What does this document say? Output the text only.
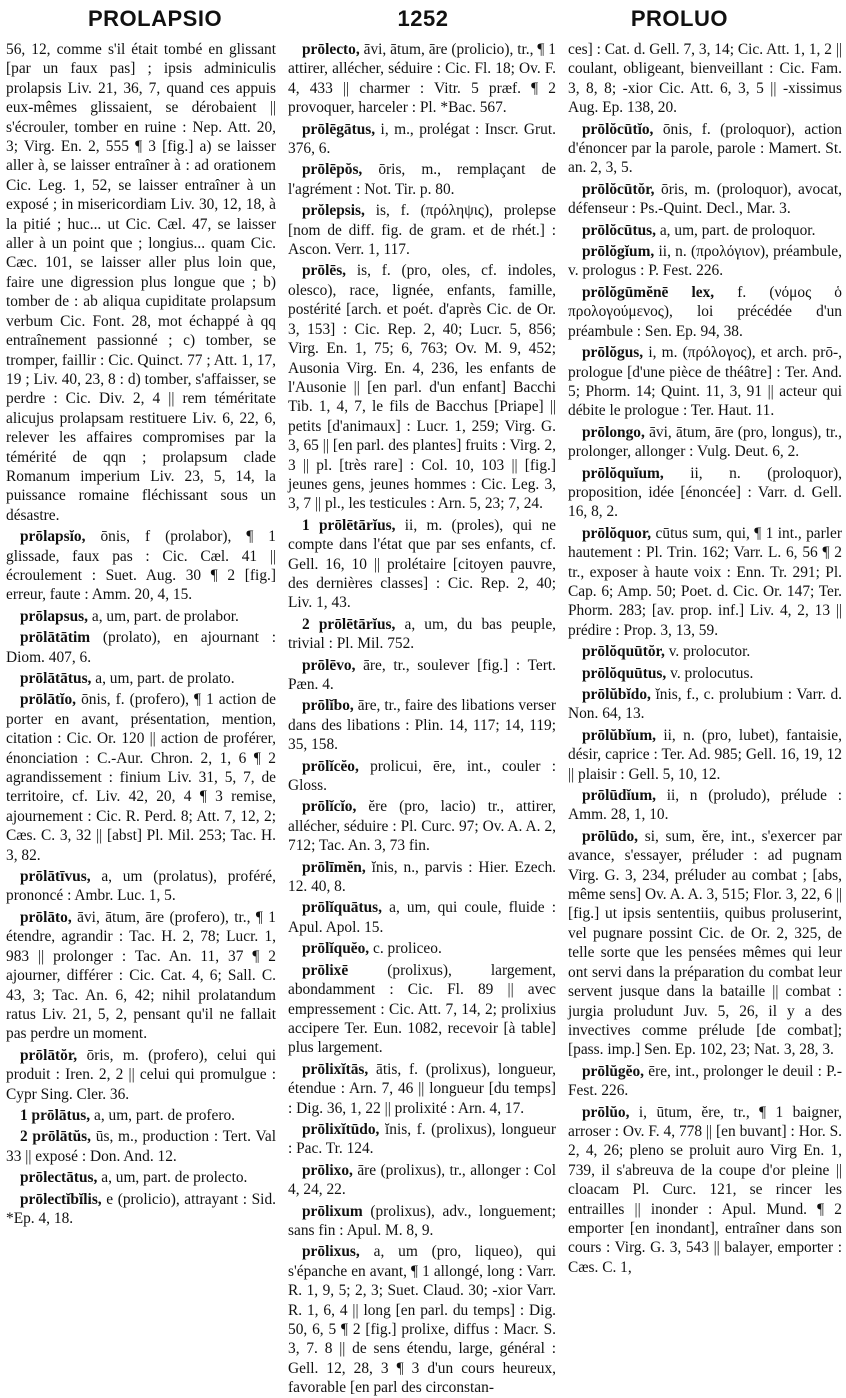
PROLAPSIO	1252	PROLUO

56, 12, comme s'il était tombé en glissant [par un faux pas] ; ipsis adminiculis prolapsis Liv. 21, 36, 7, quand ces appuis eux-mêmes glissaient, se dérobaient || s'écrouler, tomber en ruine : Nep. Att. 20, 3; Virg. En. 2, 555 ¶ 3 [fig.] a) se laisser aller à, se laisser entraîner à : ad orationem Cic. Leg. 1, 52, se laisser entraîner à un exposé ; in misericordiam Liv. 30, 12, 18, à la pitié ; huc... ut Cic. Cæl. 47, se laisser aller à un point que ; longius... quam Cic. Cæc. 101, se laisser aller plus loin que, faire une digression plus longue que ; b) tomber de : ab aliqua cupiditate prolapsum verbum Cic. Font. 28, mot échappé à qq entraînement passionné ; c) tomber, se tromper, faillir : Cic. Quinct. 77 ; Att. 1, 17, 19 ; Liv. 40, 23, 8 : d) tomber, s'affaisser, se perdre : Cic. Div. 2, 4 || rem téméritate alicujus prolapsam restituere Liv. 6, 22, 6, relever les affaires compromises par la témérité de qqn ; prolapsum clade Romanum imperium Liv. 23, 5, 14, la puissance romaine fléchissant sous un désastre.

prōlapsĭo, ōnis, f (prolabor), ¶ 1 glissade, faux pas : Cic. Cæl. 41 || écroulement : Suet. Aug. 30 ¶ 2 [fig.] erreur, faute : Amm. 20, 4, 15.

prōlapsus, a, um, part. de prolabor.

prōlātātim (prolato), en ajournant : Diom. 407, 6.

prōlātātus, a, um, part. de prolato.

prōlātĭo, ōnis, f. (profero), ¶ 1 action de porter en avant, présentation, mention, citation : Cic. Or. 120 || action de proférer, énonciation : C.-Aur. Chron. 2, 1, 6 ¶ 2 agrandissement : finium Liv. 31, 5, 7, de territoire, cf. Liv. 42, 20, 4 ¶ 3 remise, ajournement : Cic. R. Perd. 8; Att. 7, 12, 2; Cæs. C. 3, 32 || [abst] Pl. Mil. 253; Tac. H. 3, 82.

prōlātīvus, a, um (prolatus), proféré, prononcé : Ambr. Luc. 1, 5.

prōlāto, āvi, ātum, āre (profero), tr., ¶ 1 étendre, agrandir : Tac. H. 2, 78; Lucr. 1, 983 || prolonger : Tac. An. 11, 37 ¶ 2 ajourner, différer : Cic. Cat. 4, 6; Sall. C. 43, 3; Tac. An. 6, 42; nihil prolatandum ratus Liv. 21, 5, 2, pensant qu'il ne fallait pas perdre un moment.

prōlātŏr, ōris, m. (profero), celui qui produit : Iren. 2, 2 || celui qui promulgue : Cypr Sing. Cler. 36.

1 prōlātus, a, um, part. de profero.

2 prōlātŭs, ūs, m., production : Tert. Val 33 || exposé : Don. And. 12.

prōlectātus, a, um, part. de prolecto.

prōlectĭbĭlis, e (prolicio), attrayant : Sid. *Ep. 4, 18.

prōlecto, āvi, ātum, āre (prolicio), tr., ¶ 1 attirer, allécher, séduire : Cic. Fl. 18; Ov. F. 4, 433 || charmer : Vitr. 5 præf. ¶ 2 provoquer, harceler : Pl. *Bac. 567.

prōlēgātus, i, m., prolégat : Inscr. Grut. 376, 6.

prōlēpŏs, ōris, m., remplaçant de l'agrément : Not. Tir. p. 80.

prŏlepsis, is, f. (πρόληψις), prolepse [nom de diff. fig. de gram. et de rhét.] : Ascon. Verr. 1, 117.

prōlēs, is, f. (pro, oles, cf. indoles, olesco), race, lignée, enfants, famille, postérité [arch. et poét. d'après Cic. de Or. 3, 153] : Cic. Rep. 2, 40; Lucr. 5, 856; Virg. En. 1, 75; 6, 763; Ov. M. 9, 452; Ausonia Virg. En. 4, 236, les enfants de l'Ausonie || [en parl. d'un enfant] Bacchi Tib. 1, 4, 7, le fils de Bacchus [Priape] || petits [d'animaux] : Lucr. 1, 259; Virg. G. 3, 65 || [en parl. des plantes] fruits : Virg. 2, 3 || pl. [très rare] : Col. 10, 103 || [fig.] jeunes gens, jeunes hommes : Cic. Leg. 3, 3, 7 || pl., les testicules : Arn. 5, 23; 7, 24.

1 prōlētārĭus, ii, m. (proles), qui ne compte dans l'état que par ses enfants, cf. Gell. 16, 10 || prolétaire [citoyen pauvre, des dernières classes] : Cic. Rep. 2, 40; Liv. 1, 43.

2 prōlētārĭus, a, um, du bas peuple, trivial : Pl. Mil. 752.

prōlēvo, āre, tr., soulever [fig.] : Tert. Pæn. 4.

prōlĭbo, āre, tr., faire des libations verser dans des libations : Plin. 14, 117; 14, 119; 35, 158.

prōlĭcĕo, prolicui, ēre, int., couler : Gloss.

prōlĭcĭo, ĕre (pro, lacio) tr., attirer, allécher, séduire : Pl. Curc. 97; Ov. A. A. 2, 712; Tac. An. 3, 73 fin.

prōlīmĕn, ĭnis, n., parvis : Hier. Ezech. 12. 40, 8.

prōlĭquātus, a, um, qui coule, fluide : Apul. Apol. 15.

prōlĭquĕo, c. proliceo.

prōlixē	(prolixus), largement, abondamment : Cic. Fl. 89 || avec empressement : Cic. Att. 7, 14, 2; prolixius accipere Ter. Eun. 1082, recevoir [à table] plus largement.

prōlixĭtās, ātis, f. (prolixus), longueur, étendue : Arn. 7, 46 || longueur [du temps] : Dig. 36, 1, 22 || prolixité : Arn. 4, 17.

prōlixĭtūdo, ĭnis, f. (prolixus), longueur : Pac. Tr. 124.

prōlixo, āre (prolixus), tr., allonger : Col 4, 24, 22.

prōlixum (prolixus), adv., longuement; sans fin : Apul. M. 8, 9.

prōlixus, a, um (pro, liqueo), qui s'épanche en avant, ¶ 1 allongé, long : Varr. R. 1, 9, 5; 2, 3; Suet. Claud. 30; -xior Varr. R. 1, 6, 4 || long [en parl. du temps] : Dig. 50, 6, 5 ¶ 2 [fig.] prolixe, diffus : Macr. S. 3, 7. 8 || de sens étendu, large, général : Gell. 12, 28, 3 ¶ 3 d'un cours heureux, favorable [en parl des circonstan-

ces] : Cat. d. Gell. 7, 3, 14; Cic. Att. 1, 1, 2 || coulant, obligeant, bienveillant : Cic. Fam. 3, 8, 8; -xior Cic. Att. 6, 3, 5 || -xissimus Aug. Ep. 138, 20.

prōlŏcūtĭo, ōnis, f. (proloquor), action d'énoncer par la parole, parole : Mamert. St. an. 2, 3, 5.

prōlŏcūtŏr, ōris, m. (proloquor), avocat, défenseur : Ps.-Quint. Decl., Mar. 3.

prōlŏcūtus, a, um, part. de proloquor.

prōlŏgĭum, ii, n. (προλόγιον), préambule, v. prologus : P. Fest. 226.

prōlŏgūmĕnē lex, f. (νόμος ὁ προλογούμενος), loi précédée d'un préambule : Sen. Ep. 94, 38.

prōlŏgus, i, m. (πρόλογος), et arch. prō-, prologue [d'une pièce de théâtre] : Ter. And. 5; Phorm. 14; Quint. 11, 3, 91 || acteur qui débite le prologue : Ter. Haut. 11.

prōlongo, āvi, ātum, āre (pro, longus), tr., prolonger, allonger : Vulg. Deut. 6, 2.

prōlŏquĭum, ii, n. (proloquor), proposition, idée [énoncée] : Varr. d. Gell. 16, 8, 2.

prōlŏquor, cūtus sum, qui, ¶ 1 int., parler hautement : Pl. Trin. 162; Varr. L. 6, 56 ¶ 2 tr., exposer à haute voix : Enn. Tr. 291; Pl. Cap. 6; Amp. 50; Poet. d. Cic. Or. 147; Ter. Phorm. 283; [av. prop. inf.] Liv. 4, 2, 13 || prédire : Prop. 3, 13, 59.

prōlŏquūtŏr, v. prolocutor.

prōlŏquūtus, v. prolocutus.

prōlŭbĭdo, ĭnis, f., c. prolubium : Varr. d. Non. 64, 13.

prōlŭbĭum, ii, n. (pro, lubet), fantaisie, désir, caprice : Ter. Ad. 985; Gell. 16, 19, 12 || plaisir : Gell. 5, 10, 12.

prōlūdĭum, ii, n (proludo), prélude : Amm. 28, 1, 10.

prōlūdo, si, sum, ĕre, int., s'exercer par avance, s'essayer, préluder : ad pugnam Virg. G. 3, 234, préluder au combat ; [abs, même sens] Ov. A. A. 3, 515; Flor. 3, 22, 6 || [fig.] ut ipsis sententiis, quibus proluserint, vel pugnare possint Cic. de Or. 2, 325, de telle sorte que les pensées mêmes qui leur ont servi dans la préparation du combat leur servent jusque dans la bataille || combat : jurgia proludunt Juv. 5, 26, il y a des invectives comme prélude [de combat]; [pass. imp.] Sen. Ep. 102, 23; Nat. 3, 28, 3.

prōlŭgĕo, ēre, int., prolonger le deuil : P.-Fest. 226.

prōlŭo, i, ūtum, ĕre, tr., ¶ 1 baigner, arroser : Ov. F. 4, 778 || [en buvant] : Hor. S. 2, 4, 26; pleno se proluit auro Virg En. 1, 739, il s'abreuva de la coupe d'or pleine || cloacam Pl. Curc. 121, se rincer les entrailles || inonder : Apul. Mund. ¶ 2 emporter [en inondant], entraîner dans son cours : Virg. G. 3, 543 || balayer, emporter : Cæs. C. 1,
